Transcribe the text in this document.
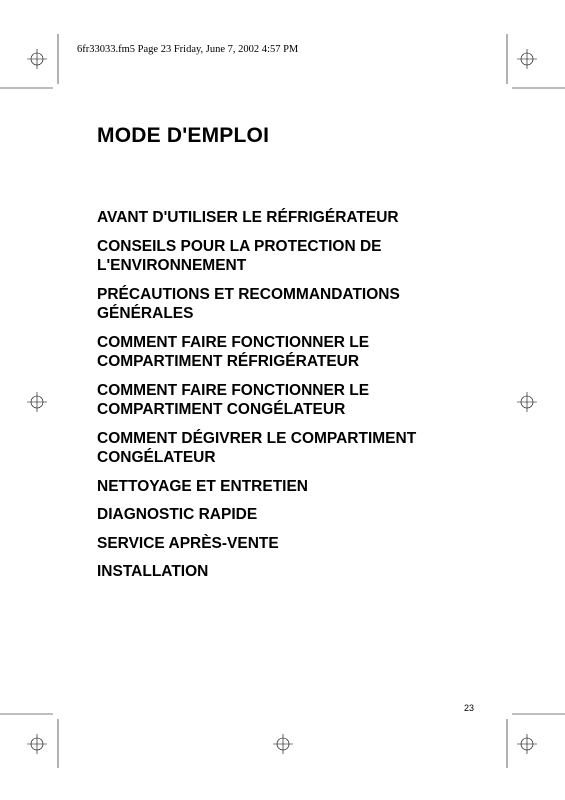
6fr33033.fm5 Page 23 Friday, June 7, 2002 4:57 PM
MODE D'EMPLOI
AVANT D'UTILISER LE RÉFRIGÉRATEUR
CONSEILS POUR LA PROTECTION DE
L'ENVIRONNEMENT
PRÉCAUTIONS ET RECOMMANDATIONS
GÉNÉRALES
COMMENT FAIRE FONCTIONNER LE
COMPARTIMENT RÉFRIGÉRATEUR
COMMENT FAIRE FONCTIONNER LE
COMPARTIMENT CONGÉLATEUR
COMMENT DÉGIVRER LE COMPARTIMENT
CONGÉLATEUR
NETTOYAGE ET ENTRETIEN
DIAGNOSTIC RAPIDE
SERVICE APRÈS-VENTE
INSTALLATION
23
